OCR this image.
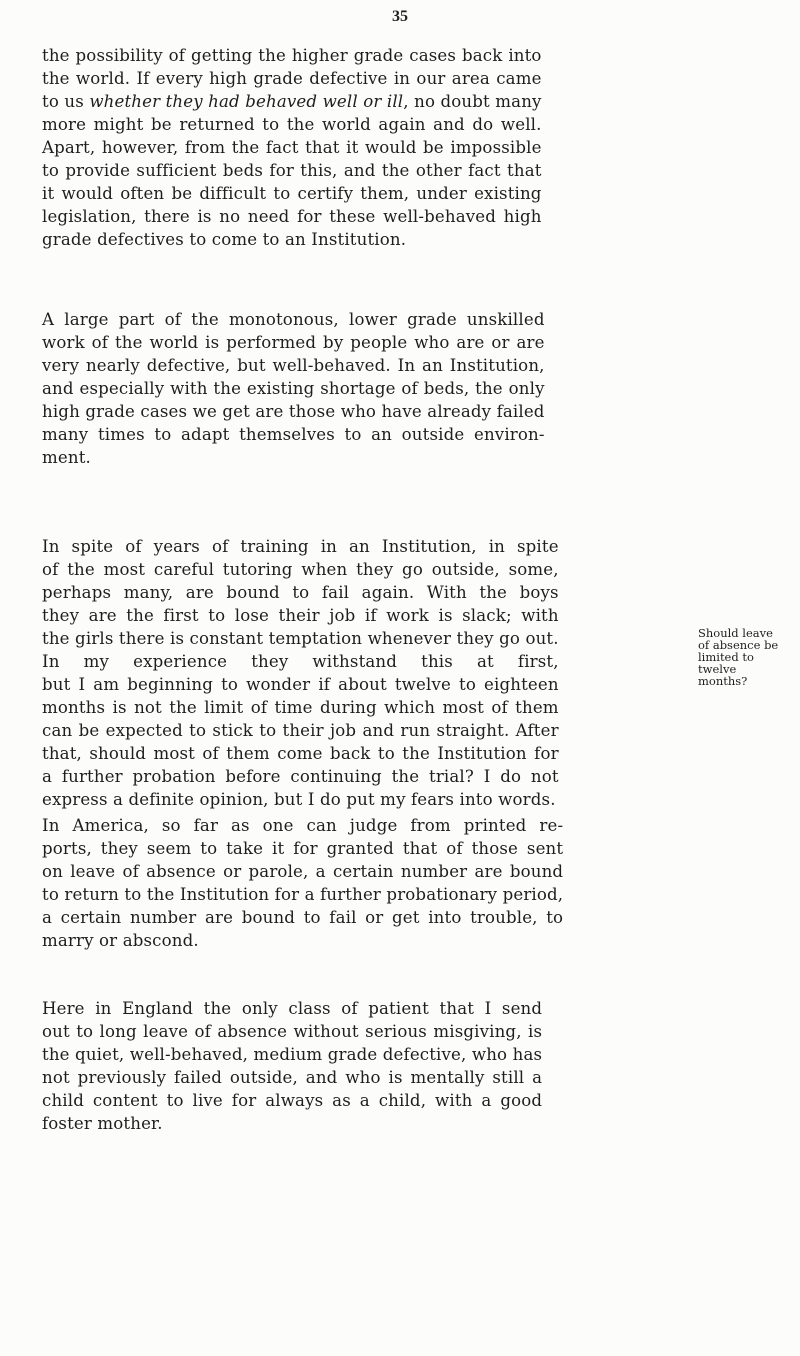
35
the possibility of getting the higher grade cases back into
the world. If every high grade defective in our area came
to us whether they had behaved well or ill, no doubt many
more might be returned to the world again and do well.
Apart, however, from the fact that it would be impossible
to provide sufficient beds for this, and the other fact that
it would often be difficult to certify them, under existing
legislation, there is no need for these well-behaved high
grade defectives to come to an Institution.
A large part of the monotonous, lower grade unskilled
work of the world is performed by people who are or are
very nearly defective, but well-behaved. In an Institution,
and especially with the existing shortage of beds, the only
high grade cases we get are those who have already failed
many times to adapt themselves to an outside environ-
ment.
In spite of years of training in an Institution, in spite
of the most careful tutoring when they go outside, some,
perhaps many, are bound to fail again. With the boys
they are the first to lose their job if work is slack; with
the girls there is constant temptation whenever they go out.
In my experience they withstand this at first,
but I am beginning to wonder if about twelve to eighteen
months is not the limit of time during which most of them
can be expected to stick to their job and run straight. After
that, should most of them come back to the Institution for
a further probation before continuing the trial? I do not
express a definite opinion, but I do put my fears into words.
In America, so far as one can judge from printed re-
ports, they seem to take it for granted that of those sent
on leave of absence or parole, a certain number are bound
to return to the Institution for a further probationary period,
a certain number are bound to fail or get into trouble, to
marry or abscond.
Here in England the only class of patient that I send
out to long leave of absence without serious misgiving, is
the quiet, well-behaved, medium grade defective, who has
not previously failed outside, and who is mentally still a
child content to live for always as a child, with a good
foster mother.
Should leave
of absence be
limited to
twelve
months?
